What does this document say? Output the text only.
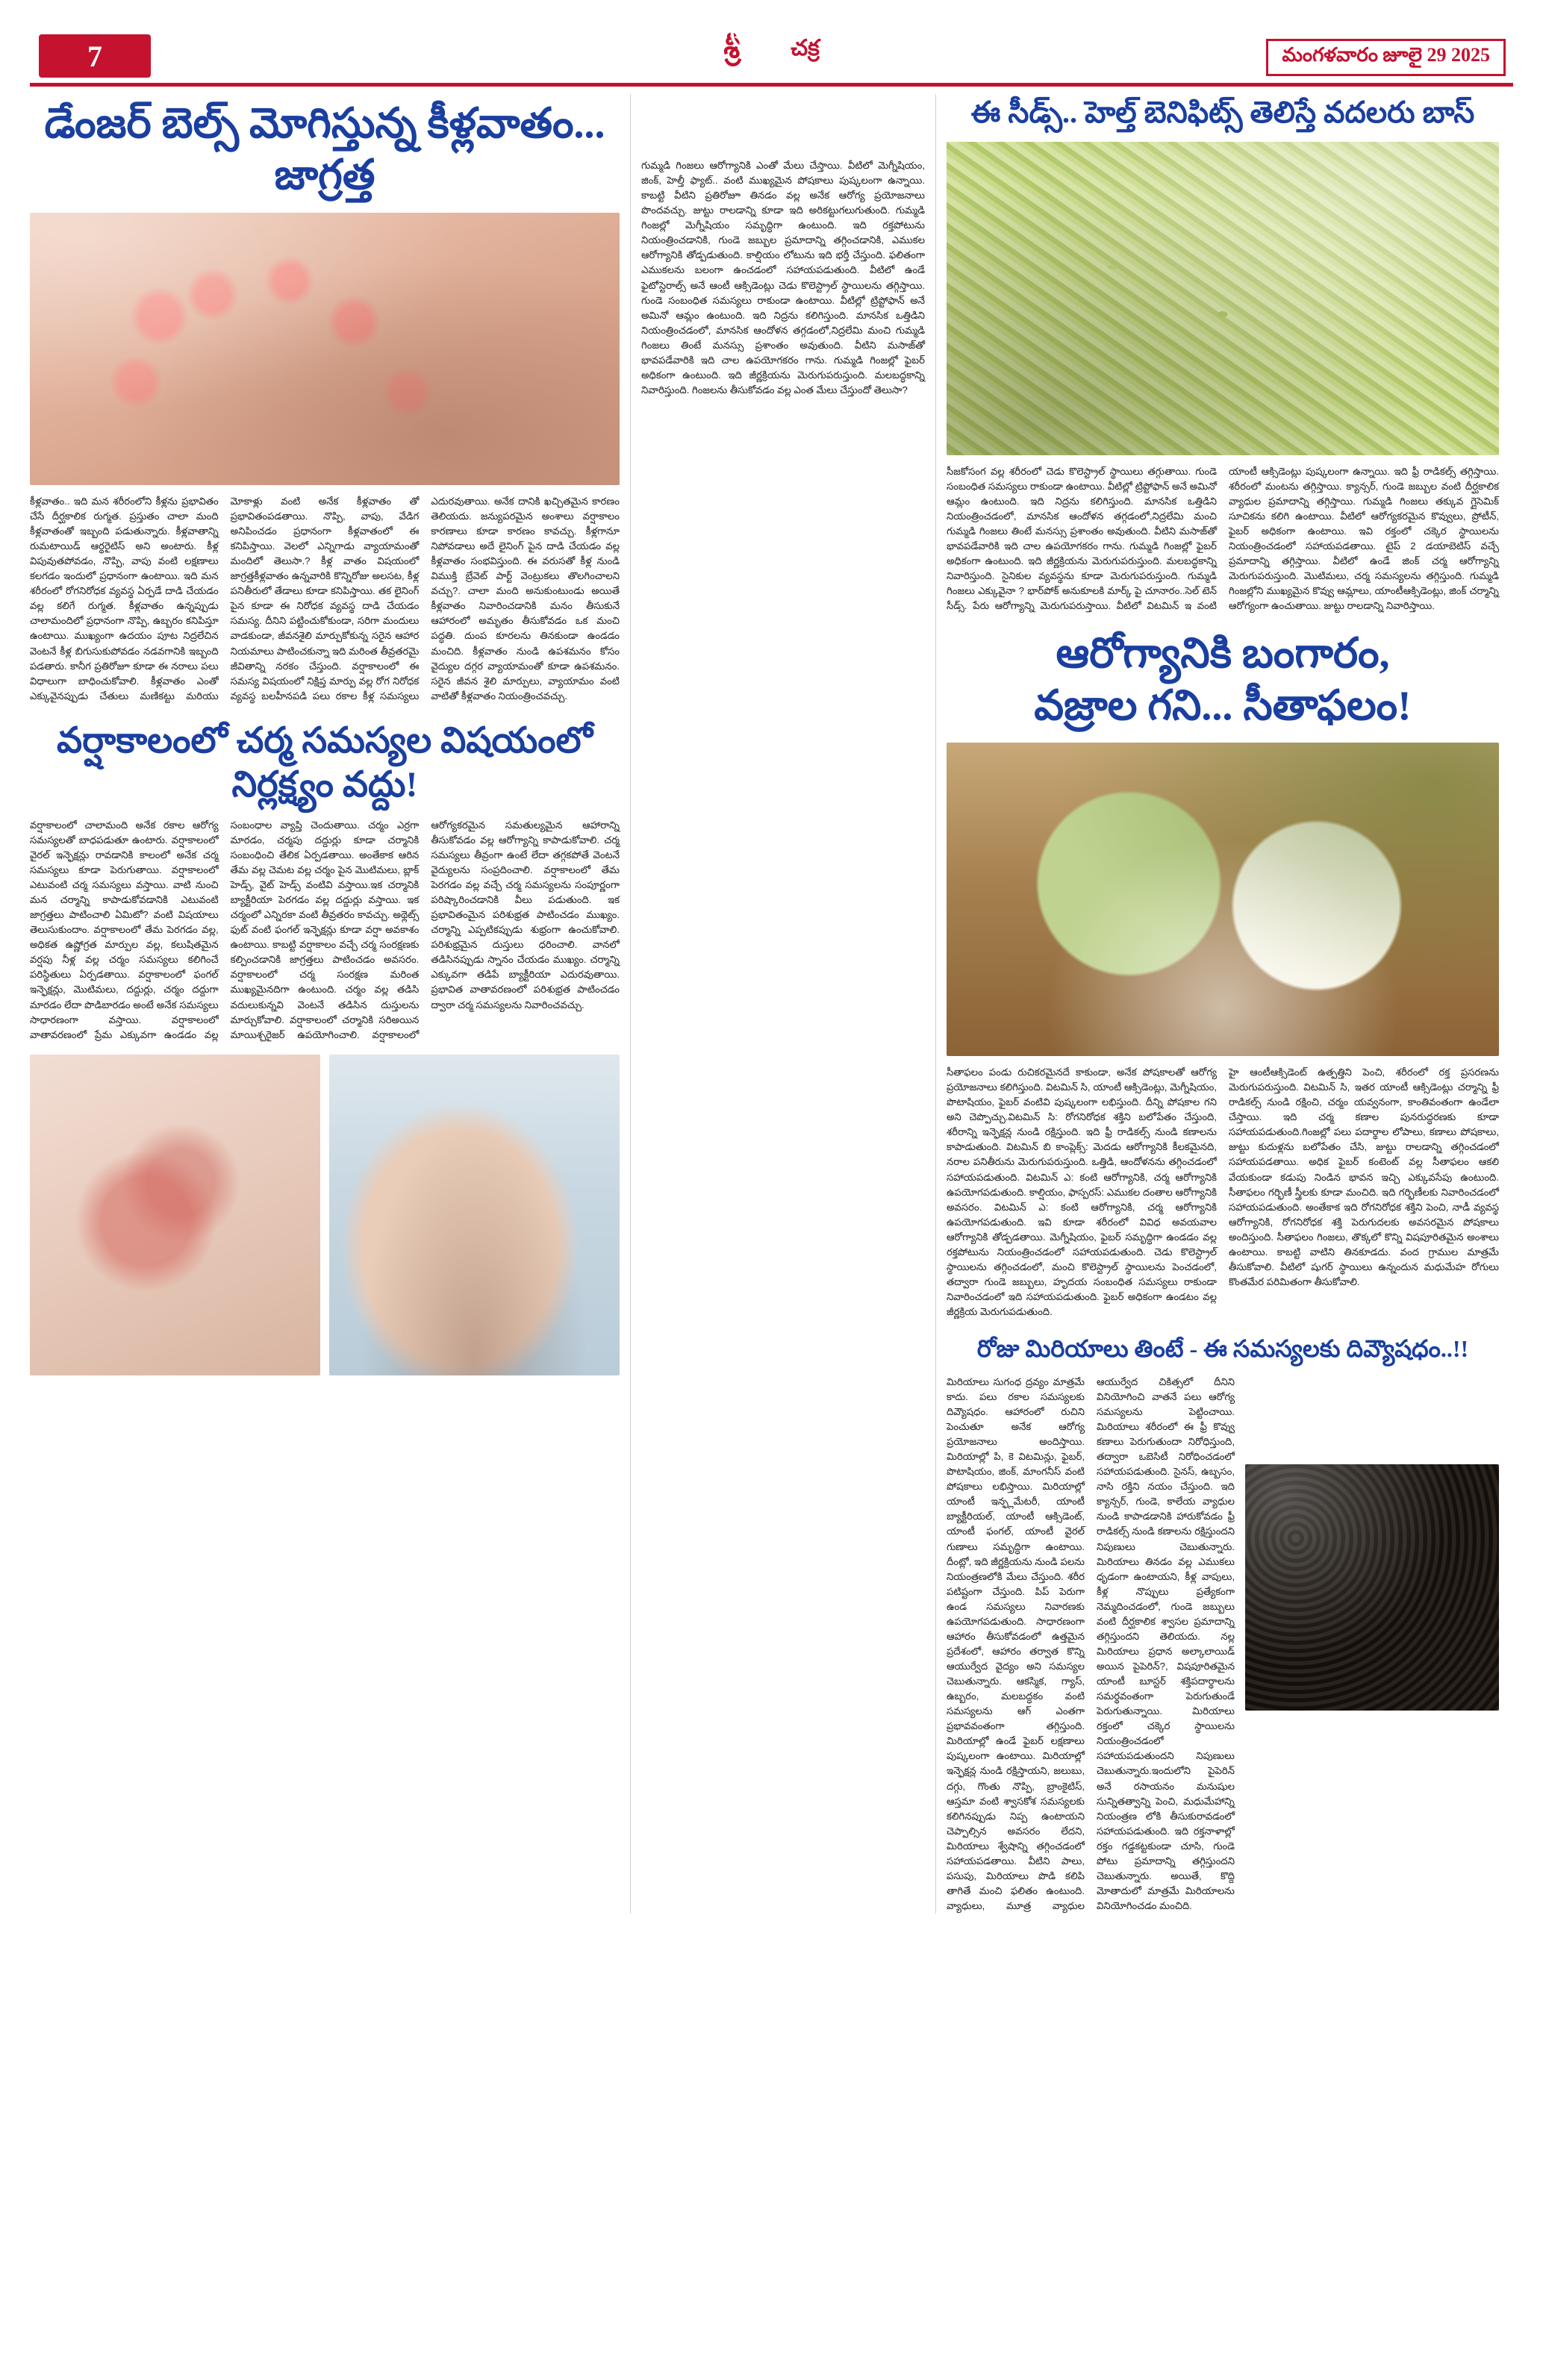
7	శ్రీ చక్ర	మంగళవారం జూలై 29 2025
డేంజర్ బెల్స్ మోగిస్తున్న కీళ్లవాతం... జాగ్రత్త
కీళ్లవాతం.. ఇది మన శరీరంలోని కీళ్లను ప్రభావితం చేసే దీర్ఘకాలిక రుగ్మత. ప్రస్తుతం చాలా మంది కీళ్లవాతంతో ఇబ్బంది పడుతున్నారు. కీళ్లవాతాన్ని రుమటాయిడ్ ఆర్థరైటిస్ అని అంటారు. కీళ్ల విపువుతపోవడం, నొప్పి, వాపు వంటి లక్షణాలు కలగడం ఇందులో ప్రధానంగా ఉంటాయి. ఇది మన శరీరంలో రోగనిరోధక వ్యవస్థ ఏర్పడే దాడి చేయడం వల్ల కలిగే రుగ్మత. కీళ్లవాతం ఉన్నప్పుడు చాలామందిలో ప్రధానంగా నొప్పి, ఉబ్బరం కనిపిస్తూ ఉంటాయి. ముఖ్యంగా ఉదయం పూట నిద్రలేచిన వెంటనే కీళ్ల బిగుసుకుపోవడం నడవగానికి ఇబ్బంది పడతారు. కానీగ ప్రతిరోజూ కూడా ఈ నరాలు పలు విధాలుగా బాధించుకోవాలి. కీళ్లవాతం ఎంతో ఎక్కువైనప్పుడు చేతులు మణికట్టు మరియు మోకాళ్లు వంటి అనేక కీళ్లవాతం తో ప్రభావితంపడతాయి. నొప్పి, వాపు, వేడిగ అనిపించడం ప్రధానంగా కీళ్లవాతంలో ఈ కనిపిస్తాయి. వెలలో ఎన్నిగాడు వ్యాయామంతో మందిలో తెలుసా.? కీళ్ల వాతం విషయంలో జాగ్రత్తకీళ్లవాతం ఉన్నవారికి కొన్నిరోజు అలసట, కీళ్ల పనితీరులో తేడాలు కూడా కనిపిస్తాయి. తక లైనింగ్ పైన కూడా ఈ నిరోధక వ్యవస్థ దాడి చేయడం సమస్య. దీనిని పట్టించుకోకుండా, సరిగా మందులు వాడకుండా, జీవనశైలి మార్పుకోకున్న సరైన ఆహార నియమాలు పాటించకున్నా ఇది మరింత తీవ్రతరమై జీవితాన్ని నరకం చేస్తుంది. వర్షాకాలంలో ఈ సమస్య విషయంలో నిక్షిప్త మార్పు వల్ల రోగ నిరోధక వ్యవస్థ బలహీనపడి పలు రకాల కీళ్ల సమస్యలు ఎదురవుతాయి. అనేక దానికి ఖచ్చితమైన కారణం తెలియదు. జన్యుపరమైన అంశాలు వర్షాకాలం కారణాలు కూడా కారణం కావచ్చు. కీళ్లగానూ నిపోవడాలు అదే లైనింగ్ పైన దాడి చేయడం వల్ల కీళ్లవాతం సంభవిస్తుంది. ఈ వరుసతో కీళ్ల నుండి విముక్తి బ్రేవెట్ పార్ట్ వెంట్రుకలు తొలగించాలని వచ్చు?. చాలా మంది అనుకుంటుండు అయితే కీళ్లవాతం నివారించడానికి మనం తీసుకునే ఆహారంలో అమృతం తీసుకోవడం ఒక మంచి పద్ధతి. దుంప కూరలను తినకుండా ఉండడం మంచిది. కీళ్లవాతం నుండి ఉపశమనం కోసం వైద్యుల దగ్గర వ్యాయామంతో కూడా ఉపశమనం. సరైన జీవన శైలి మార్పులు, వ్యాయామం వంటి వాటితో కీళ్లవాతం నియంత్రించవచ్చు.
వర్షాకాలంలో చర్మ సమస్యల విషయంలో నిర్లక్ష్యం వద్దు!
వర్షాకాలంలో చాలామంది అనేక రకాల ఆరోగ్య సమస్యలతో బాధపడుతూ ఉంటారు. వర్షాకాలంలో వైరల్ ఇన్ఫెక్షన్లు రావడానికి కాలంలో అనేక చర్మ సమస్యలు కూడా పెరుగుతాయి. వర్షాకాలంలో ఎటువంటి చర్మ సమస్యలు వస్తాయి. వాటి నుంచి మన చర్మాన్ని కాపాడుకోవడానికి ఎటువంటి జాగ్రత్తలు పాటించాలి ఏమిటో? వంటి విషయాలు తెలుసుకుందాం. వర్షాకాలంలో తేమ పెరగడం వల్ల, అధికత ఉష్ణోగ్రత మార్పుల వల్ల, కలుషితమైన వర్షపు నీళ్ల వల్ల చర్మం సమస్యలు కలిగించే పరిస్థితులు ఏర్పడతాయి. వర్షాకాలంలో ఫంగల్ ఇన్ఫెక్షన్లు, మొటిమలు, దద్దుర్లు, చర్మం దద్దుగా మారడం లేదా పొడిబారడం అంటే అనేక సమస్యలు సాధారణంగా వస్తాయి. వర్షాకాలంలో వాతావరణంలో ప్రేమ ఎక్కువగా ఉండడం వల్ల సంబంధాల వ్యాప్తి చెందుతాయి. చర్మం ఎర్రగా మారడం, చర్మపు దద్దుర్లు కూడా చర్మానికి సంబంధించి తేలిక ఏర్పడతాయి. అంతేకాక ఆరిన తేమ వల్ల చెమట వల్ల చర్మం పైన మొటిమలు, బ్లాక్ హెడ్స్, వైట్ హెడ్స్ వంటివి వస్తాయి.ఇక చర్మానికి బ్యాక్టీరియా పెరగడం వల్ల దద్దుర్లు వస్తాయి. ఇక చర్మంలో ఎన్నిరకా వంటి తీవ్రతరం కావచ్చు. అథ్లెట్స్ ఫుట్ వంటి ఫంగల్ ఇన్ఫెక్షన్లు కూడా వర్షా అవకాశం ఉంటాయి. కాబట్టి వర్షాకాలం వచ్చే చర్మ సంరక్షణకు కల్పించడానికి జాగ్రత్తలు పాటించడం అవసరం. వర్షాకాలంలో చర్మ సంరక్షణ మరింత ముఖ్యమైనదిగా ఉంటుంది. చర్మం వల్ల తడిసి వదులుకున్నవి వెంటనే తడిసిన దుస్తులను మార్చుకోవాలి. వర్షాకాలంలో చర్మానికి సరిఅయిన మాయిశ్చరైజర్ ఉపయోగించాలి. వర్షాకాలంలో ఆరోగ్యకరమైన సమతుల్యమైన ఆహారాన్ని తీసుకోవడం వల్ల ఆరోగ్యాన్ని కాపాడుకోవాలి. చర్మ సమస్యలు తీవ్రంగా ఉంటే లేదా తగ్గకపోతే వెంటనే వైద్యులను సంప్రదించాలి. వర్షాకాలంలో తేమ పెరగడం వల్ల వచ్చే చర్మ సమస్యలను సంపూర్ణంగా పరిష్కారించడానికి వీలు పడుతుంది. ఇక ప్రభావితంమైన పరిశుభ్రత పాటించడం ముఖ్యం. చర్మాన్ని ఎప్పటికప్పుడు శుభ్రంగా ఉంచుకోవాలి. పరిశుభ్రమైన దుస్తులు ధరించాలి. వానలో తడిసినప్పుడు స్నానం చేయడం ముఖ్యం. చర్మాన్ని ఎక్కువగా తడిపే బ్యాక్టీరియా ఎదురవుతాయి. ప్రభావిత వాతావరణంలో పరిశుభ్రత పాటించడం ద్వారా చర్మ సమస్యలను నివారించవచ్చు.
గుమ్మడి గింజలు ఆరోగ్యానికి ఎంతో మేలు చేస్తాయి. వీటిలో మెగ్నీషియం, జింక్, హెల్తీ ఫ్యాట్.. వంటి ముఖ్యమైన పోషకాలు పుష్కలంగా ఉన్నాయి. కాబట్టి వీటిని ప్రతిరోజూ తినడం వల్ల అనేక ఆరోగ్య ప్రయోజనాలు పొందవచ్చు. జుట్టు రాలడాన్ని కూడా ఇది అరికట్టుగలుగుతుంది. గుమ్మడి గింజల్లో మెగ్నీషియం సమృద్ధిగా ఉంటుంది. ఇది రక్తపోటును నియంత్రించడానికి, గుండె జబ్బుల ప్రమాదాన్ని తగ్గించడానికి, ఎముకల ఆరోగ్యానికి తోడ్పడుతుంది. కాల్షియం లోటును ఇది భర్తీ చేస్తుంది. ఫలితంగా ఎముకలను బలంగా ఉంచడంలో సహాయపడుతుంది. వీటిలో ఉండే ఫైటోస్టెరాల్స్ అనే ఆంటీ ఆక్సిడెంట్లు చెడు కొలెస్ట్రాల్ స్థాయిలను తగ్గిస్తాయి. గుండె సంబంధిత సమస్యలు రాకుండా ఉంటాయి. వీటిల్లో ట్రిప్టోఫాన్ అనే అమినో ఆమ్లం ఉంటుంది. ఇది నిద్రను కలిగిస్తుంది. మానసిక ఒత్తిడిని నియంత్రించడంలో, మానసిక ఆందోళన తగ్గడంలో,నిద్రలేమి మంచి గుమ్మడి గింజలు తింటే మనస్సు ప్రశాంతం అవుతుంది. వీటిని మసాజ్‌తో భావపడేవారికి ఇది చాల ఉపయోగకరం గాను. గుమ్మడి గింజల్లో ఫైబర్ అధికంగా ఉంటుంది. ఇది జీర్ణక్రియను మెరుగుపరుస్తుంది. మలబద్ధకాన్ని నివారిస్తుంది. గింజలను తీసుకోవడం వల్ల ఎంత మేలు చేస్తుందో తెలుసా?
ఈ సీడ్స్.. హెల్త్ బెనిఫిట్స్ తెలిస్తే వదలరు బాస్
సీజకోసంగ వల్ల శరీరంలో చెడు కొలెస్ట్రాల్ స్థాయిలు తగ్గుతాయి. గుండె సంబంధిత సమస్యలు రాకుండా ఉంటాయి. వీటిల్లో ట్రిప్టోఫాన్ అనే అమినో ఆమ్లం ఉంటుంది. ఇది నిద్రను కలిగిస్తుంది. మానసిక ఒత్తిడిని నియంత్రించడంలో, మానసిక ఆందోళన తగ్గడంలో,నిద్రలేమి మంచి గుమ్మడి గింజలు తింటే మనస్సు ప్రశాంతం అవుతుంది. వీటిని మసాజ్‌తో భావపడేవారికి ఇది చాల ఉపయోగకరం గాను. గుమ్మడి గింజల్లో ఫైబర్ అధికంగా ఉంటుంది. ఇది జీర్ణక్రియను మెరుగుపరుస్తుంది. మలబద్ధకాన్ని నివారిస్తుంది. సైనికుల వ్యవస్థను కూడా మెరుగుపరుస్తుంది. గుమ్మడి గింజలు ఎక్కువైనా ? భార్‌పోక్ అనుకూలకి మార్క్ పై చూనారం..సెల్ టెన్ సీడ్స్. పేరు ఆరోగ్యాన్ని మెరుగుపరుస్తాయి. వీటిలో విటమిన్ ఇ వంటి యాంటీ ఆక్సిడెంట్లు పుష్కలంగా ఉన్నాయి. ఇది ఫ్రీ రాడికల్స్ తగ్గిస్తాయి. శరీరంలో మంటను తగ్గిస్తాయి. క్యాన్సర్, గుండె జబ్బుల వంటి దీర్ఘకాలిక వ్యాధుల ప్రమాదాన్ని తగ్గిస్తాయి. గుమ్మడి గింజలు తక్కువ గ్లైసెమిక్ సూచికను కలిగి ఉంటాయి. వీటిలో ఆరోగ్యకరమైన కొవ్వులు, ప్రోటీన్, ఫైబర్ అధికంగా ఉంటాయి. ఇవి రక్తంలో చక్కెర స్థాయిలను నియంత్రించడంలో సహాయపడతాయి. టైప్ 2 డయాబెటిస్ వచ్చే ప్రమాదాన్ని తగ్గిస్తాయి. వీటిలో ఉండే జింక్ చర్మ ఆరోగ్యాన్ని మెరుగుపరుస్తుంది. మొటిమలు, చర్మ సమస్యలను తగ్గిస్తుంది. గుమ్మడి గింజల్లోని ముఖ్యమైన కొవ్వు ఆమ్లాలు, యాంటీఆక్సిడెంట్లు, జింక్ చర్మాన్ని ఆరోగ్యంగా ఉంచుతాయి. జుట్టు రాలడాన్ని నివారిస్తాయి.
ఆరోగ్యానికి బంగారం,
వజ్రాల గని... సీతాఫలం!
సీతాఫలం పండు రుచికరమైనదే కాకుండా, అనేక పోషకాలతో ఆరోగ్య ప్రయోజనాలు కలిగిస్తుంది. విటమిన్ సి, యాంటీ ఆక్సిడెంట్లు, మెగ్నీషియం, పొటాషియం, ఫైబర్ వంటివి పుష్కలంగా లభిస్తుంది. దీన్ని పోషకాల గని అని చెప్పొచ్చు.విటమిన్ సి: రోగనిరోధక శక్తిని బలోపేతం చేస్తుంది, శరీరాన్ని ఇన్ఫెక్షన్ల నుండి రక్షిస్తుంది. ఇది ఫ్రీ రాడికల్స్ నుండి కణాలను కాపాడుతుంది. విటమిన్ బి కాంప్లెక్స్: మెదడు ఆరోగ్యానికి కీలకమైనది, నరాల పనితీరును మెరుగుపరుస్తుంది. ఒత్తిడి, ఆందోళనను తగ్గించడంలో సహాయపడుతుంది. విటమిన్ ఎ: కంటి ఆరోగ్యానికి, చర్మ ఆరోగ్యానికి ఉపయోగపడుతుంది. కాల్షియం, ఫాస్పరస్: ఎముకల దంతాల ఆరోగ్యానికి అవసరం. విటమిన్ ఎ: కంటి ఆరోగ్యానికి, చర్మ ఆరోగ్యానికి ఉపయోగపడుతుంది. ఇవి కూడా శరీరంలో వివిధ అవయవాల ఆరోగ్యానికి తోడ్పడతాయి. మెగ్నీషియం, ఫైబర్ సమృద్ధిగా ఉండడం వల్ల రక్తపోటును నియంత్రించడంలో సహాయపడుతుంది. చెడు కొలెస్ట్రాల్ స్థాయిలను తగ్గించడంలో, మంచి కొలెస్ట్రాల్ స్థాయిలను పెంచడంలో, తద్వారా గుండె జబ్బులు, హృదయ సంబంధిత సమస్యలు రాకుండా నివారించడంలో ఇది సహాయపడుతుంది. ఫైబర్ అధికంగా ఉండటం వల్ల జీర్ణక్రియ మెరుగుపడుతుంది.
హై ఆంటీఆక్సిడెంట్ ఉత్పత్తిని పెంచి, శరీరంలో రక్త ప్రసరణను మెరుగుపరుస్తుంది. విటమిన్ సి, ఇతర యాంటీ ఆక్సిడెంట్లు చర్మాన్ని ఫ్రీ రాడికల్స్ నుండి రక్షించి, చర్మం యవ్వనంగా, కాంతివంతంగా ఉండేలా చేస్తాయి. ఇది చర్మ కణాల పునరుద్ధరణకు కూడా సహాయపడుతుంది.గింజల్లో పలు పదార్థాల లోపాలు, కణాలు పోషకాలు, జుట్టు కుదుళ్లను బలోపేతం చేసి, జుట్టు రాలడాన్ని తగ్గించడంలో సహాయపడతాయి. అధిక ఫైబర్ కంటెంట్ వల్ల సీతాఫలం ఆకలి వేయకుండా కడుపు నిండిన భావన ఇచ్చి ఎక్కువసేపు ఉంటుంది. సీతాఫలం గర్భిణీ స్త్రీలకు కూడా మంచిది. ఇది గర్భిణీలకు నివారించడంలో సహాయపడుతుంది. అంతేకాక ఇది రోగనిరోధక శక్తిని పెంచి, నాడీ వ్యవస్థ ఆరోగ్యానికి, రోగనిరోధక శక్తి పెరుగుదలకు అవసరమైన పోషకాలు అందిస్తుంది. సీతాఫలం గింజలు, తొక్కలో కొన్ని విషపూరితమైన అంశాలు ఉంటాయి. కాబట్టి వాటిని తినకూడదు. వంద గ్రాముల మాత్రమే తీసుకోవాలి. వీటిలో షుగర్ స్థాయిలు ఉన్నందున మధుమేహ రోగులు కొంతమేర పరిమితంగా తీసుకోవాలి.
రోజు మిరియాలు తింటే - ఈ సమస్యలకు దివ్యౌషధం..!!
మిరియాలు సుగంధ ద్రవ్యం మాత్రమే కాదు. పలు రకాల సమస్యలకు దివ్యౌషధం. ఆహారంలో రుచిని పెంచుతూ అనేక ఆరోగ్య ప్రయోజనాలు అందిస్తాయి. మిరియాల్లో పి, కె విటమిన్లు, ఫైబర్, పొటాషియం, జింక్, మాంగనీస్ వంటి పోషకాలు లభిస్తాయి. మిరియాల్లో యాంటీ ఇన్ఫ్లమేటరీ, యాంటీ బ్యాక్టీరియల్, యాంటీ ఆక్సిడెంట్, యాంటీ ఫంగల్, యాంటీ వైరల్ గుణాలు సమృద్ధిగా ఉంటాయి. దీంట్లో, ఇది జీర్ణక్రియను నుండి పలను నియంత్రణలోకి మేలు చేస్తుంది. శరీర పటిష్టంగా చేస్తుంది. పిప్ పెరుగా ఉండ సమస్యలు నివారణకు ఉపయోగపడుతుంది. సాధారణంగా ఆహారం తీసుకోవడంలో ఉత్తమైన ప్రదేశంలో, ఆహారం తర్వాత కొన్ని ఆయుర్వేద వైద్యం అని సమస్యల చెబుతున్నారు. ఆకస్మిక, గ్యాస్, ఉబ్బరం, మలబద్ధకం వంటి సమస్యలను ఆగ్ ఎంతగా ప్రభావవంతంగా తగ్గిస్తుంది. మిరియాల్లో ఉండే ఫైబర్ లక్షణాలు పుష్కలంగా ఉంటాయి. మిరియాల్లో ఇన్ఫెక్షన్ల నుండి రక్షిస్తాయని, జలుబు, దగ్గు, గొంతు నొప్పి, బ్రాంకైటిస్, ఆస్తమా వంటి శ్వాసకోశ సమస్యలకు కలిగినప్పుడు నిప్ప ఉంటాయని చెప్పాల్సిన అవసరం లేదని, మిరియాలు శ్వేషాన్ని తగ్గించడంలో సహాయపడతాయి. వీటిని పాలు, పసుపు, మిరియాలు పొడి కలిపి తాగితే మంచి ఫలితం ఉంటుంది. వ్యాధులు, మూత్ర వ్యాధుల ఆయుర్వేద చికిత్సలో దీనిని వినియోగించి వాతనే పలు ఆరోగ్య సమస్యలను పెట్టించాయి. మిరియాలు శరీరంలో ఈ ఫ్రీ కొవ్వు కణాలు పెరుగుతుందా నిరోధిస్తుంది, తద్వారా ఒబెసిటీ నిరోధించడంలో సహాయపడుతుంది. సైనస్, ఉబ్బసం, నాసి రక్తిని నయం చేస్తుంది. ఇది క్యాన్సర్, గుండె, కాలేయ వ్యాధుల నుండి కాపాడడానికి హారుకోవడం ఫ్రీ రాడికల్స్ నుండి కణాలను రక్షిస్తుందని నిపుణులు చెబుతున్నారు. మిరియాలు తినడం వల్ల ఎముకలు ధృడంగా ఉంటాయని, కీళ్ల వాపులు, కీళ్ల నొప్పులు ప్రత్యేకంగా నెమ్మదించడంలో, గుండె జబ్బులు వంటి దీర్ఘకాలిక శ్వాసల ప్రమాదాన్ని తగ్గిస్తుందని తెలియదు. నల్ల మిరియాలు ప్రధాన అల్కాలాయిడ్ అయిన పైపెరిన్?, విషపూరితమైన యాంటీ బూస్టర్ శక్తిపదార్థాలను సమర్థవంతంగా పెరుగుతుండే పెరుగుతున్నాయి. మిరియాలు రక్తంలో చక్కెర స్థాయిలను నియంత్రించడంలో సహాయపడుతుందని నిపుణులు చెబుతున్నారు.ఇందులోని పైపెరిన్ అనే రసాయనం మనుషుల సున్నితత్వాన్ని పెంచి, మధుమేహాన్ని నియంత్రణ లోకి తీసుకురావడంలో సహాయపడుతుంది. ఇది రక్తనాళాల్లో రక్తం గడ్డకట్టకుండా చూసి, గుండె పోటు ప్రమాదాన్ని తగ్గిస్తుందని చెబుతున్నారు. అయితే, కొద్ది మోతాదులో మాత్రమే మిరియాలను వినియోగించడం మంచిది.
